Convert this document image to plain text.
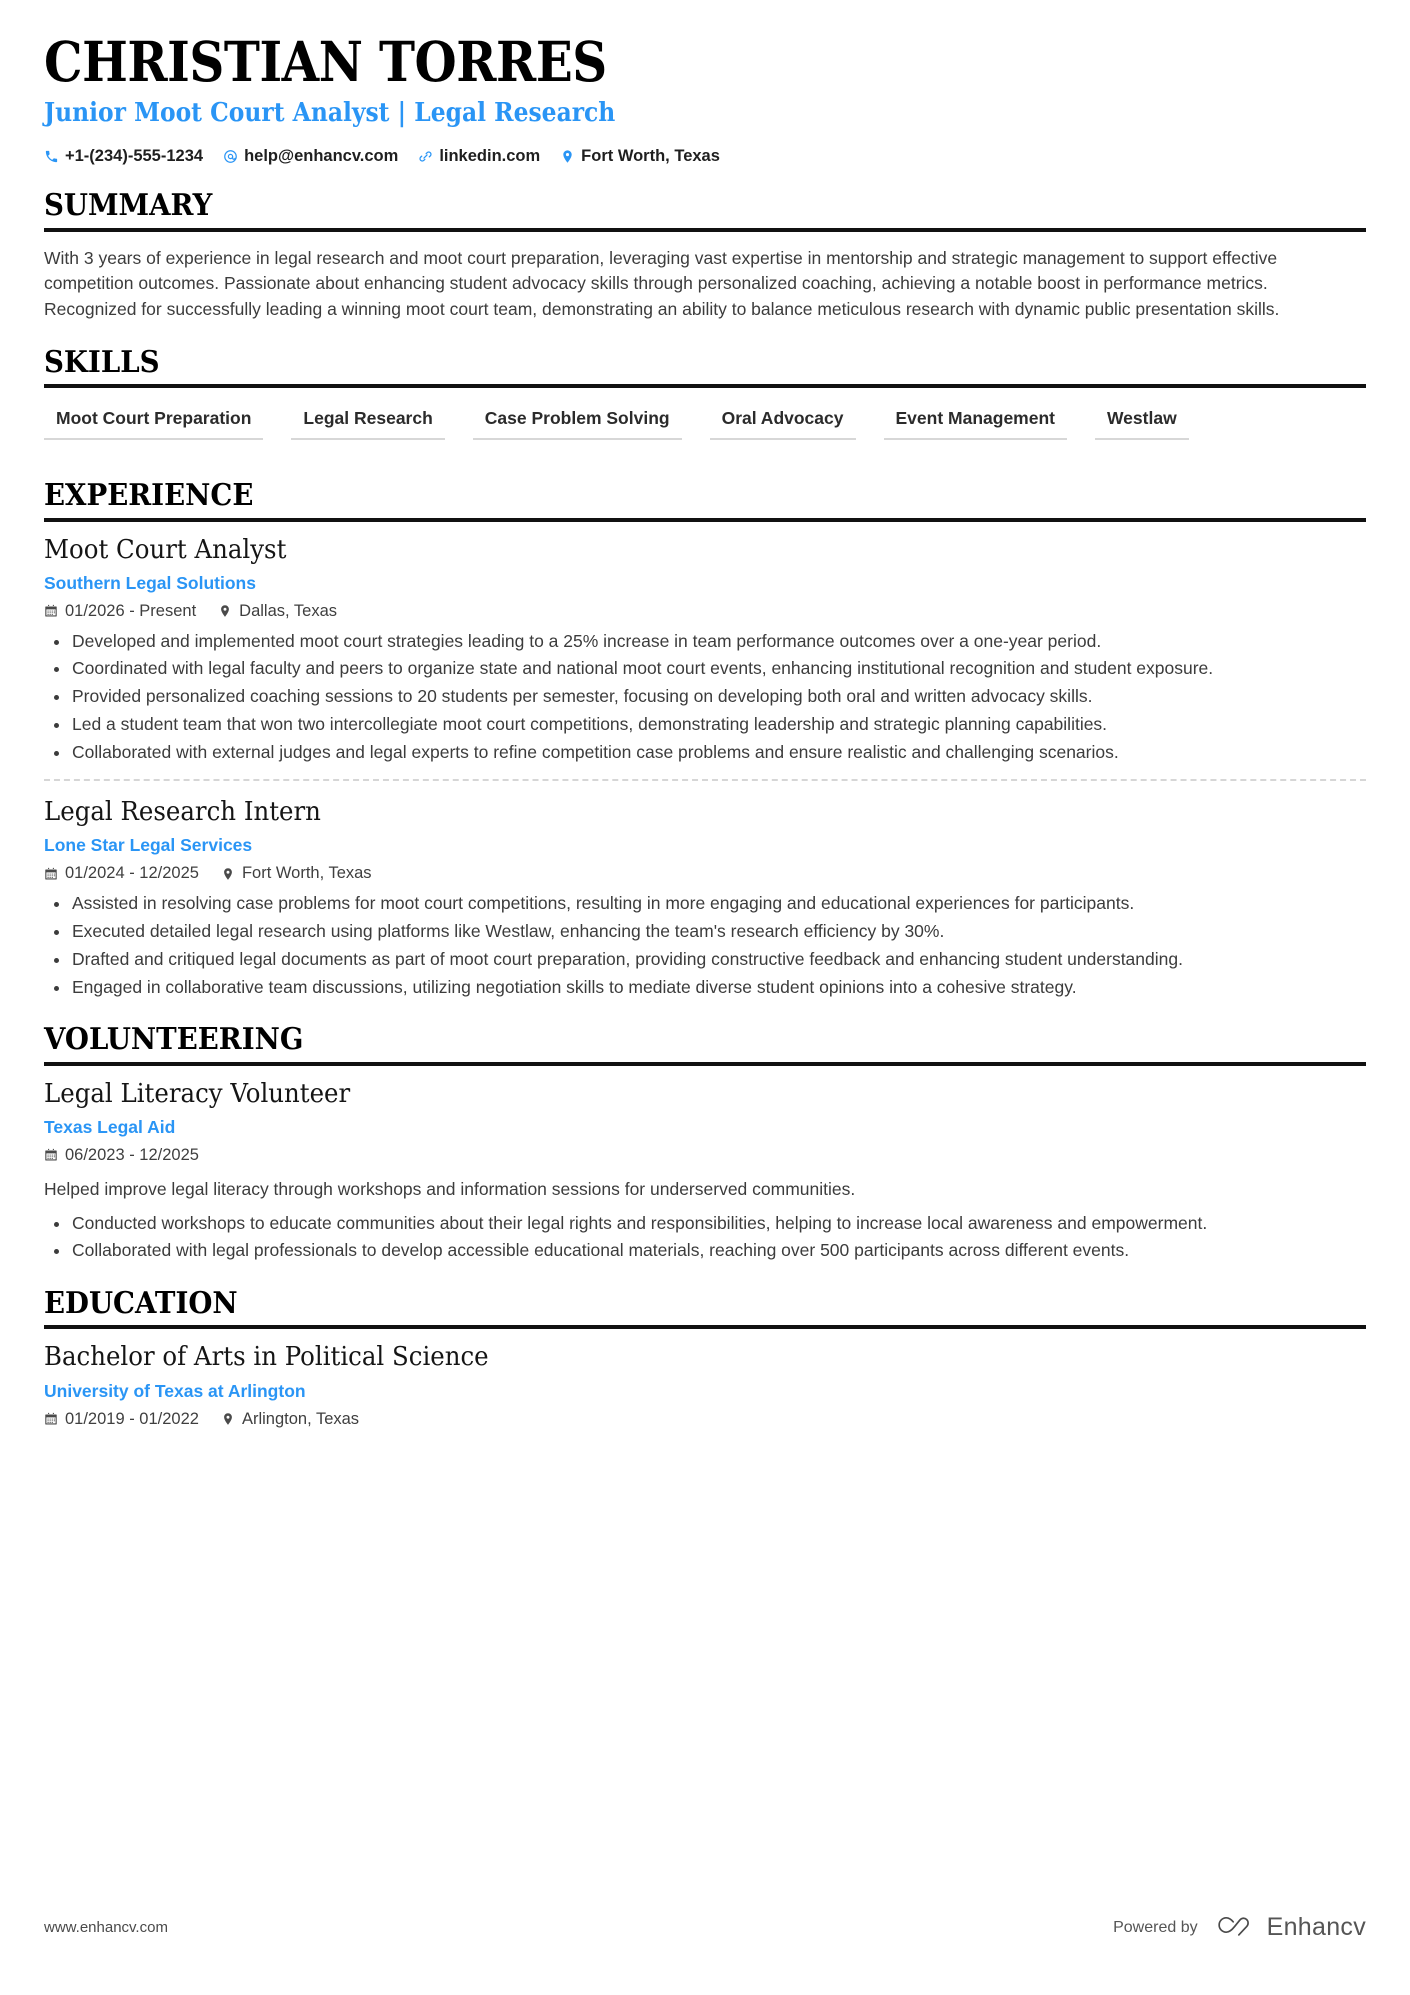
CHRISTIAN TORRES
Junior Moot Court Analyst | Legal Research
+1-(234)-555-1234 help@enhancv.com linkedin.com Fort Worth, Texas
SUMMARY
With 3 years of experience in legal research and moot court preparation, leveraging vast expertise in mentorship and strategic management to support effective competition outcomes. Passionate about enhancing student advocacy skills through personalized coaching, achieving a notable boost in performance metrics. Recognized for successfully leading a winning moot court team, demonstrating an ability to balance meticulous research with dynamic public presentation skills.
SKILLS
Moot Court Preparation	Legal Research	Case Problem Solving	Oral Advocacy	Event Management	Westlaw
EXPERIENCE
Moot Court Analyst
Southern Legal Solutions
01/2026 - Present	Dallas, Texas
Developed and implemented moot court strategies leading to a 25% increase in team performance outcomes over a one-year period.
Coordinated with legal faculty and peers to organize state and national moot court events, enhancing institutional recognition and student exposure.
Provided personalized coaching sessions to 20 students per semester, focusing on developing both oral and written advocacy skills.
Led a student team that won two intercollegiate moot court competitions, demonstrating leadership and strategic planning capabilities.
Collaborated with external judges and legal experts to refine competition case problems and ensure realistic and challenging scenarios.
Legal Research Intern
Lone Star Legal Services
01/2024 - 12/2025	Fort Worth, Texas
Assisted in resolving case problems for moot court competitions, resulting in more engaging and educational experiences for participants.
Executed detailed legal research using platforms like Westlaw, enhancing the team's research efficiency by 30%.
Drafted and critiqued legal documents as part of moot court preparation, providing constructive feedback and enhancing student understanding.
Engaged in collaborative team discussions, utilizing negotiation skills to mediate diverse student opinions into a cohesive strategy.
VOLUNTEERING
Legal Literacy Volunteer
Texas Legal Aid
06/2023 - 12/2025
Helped improve legal literacy through workshops and information sessions for underserved communities.
Conducted workshops to educate communities about their legal rights and responsibilities, helping to increase local awareness and empowerment.
Collaborated with legal professionals to develop accessible educational materials, reaching over 500 participants across different events.
EDUCATION
Bachelor of Arts in Political Science
University of Texas at Arlington
01/2019 - 01/2022	Arlington, Texas
www.enhancv.com	Powered by	Enhancv
